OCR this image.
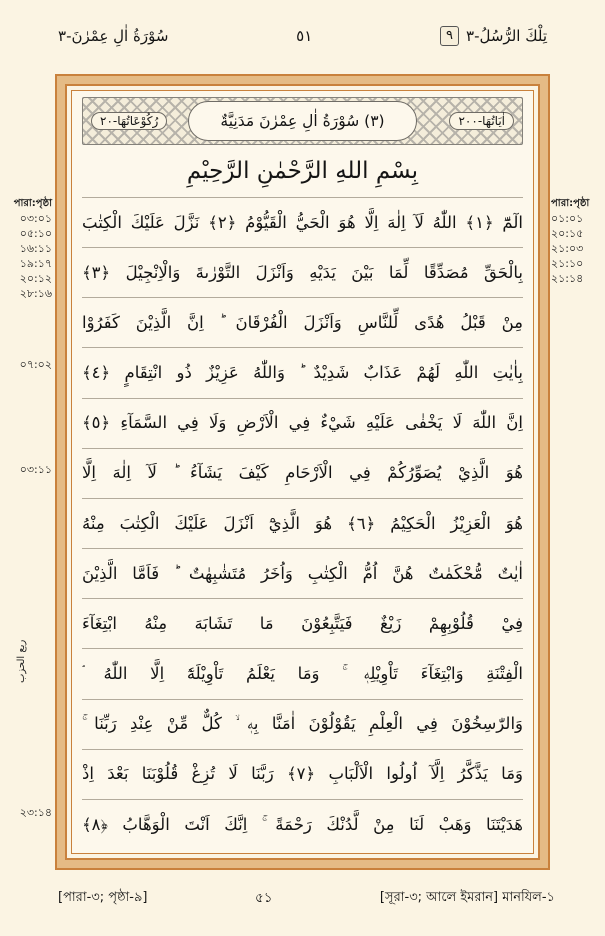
سُوْرَةُ اٰلِ عِمْرٰنَ-٣	٥١	تِلْكَ الرُّسُلُ-٣
٩
اٰيَاتُهَا-٢٠٠
(٣) سُوْرَةُ اٰلِ عِمْرٰنَ مَدَنِيَّةٌ
رُكُوْعَاتُهَا-٢٠
بِسْمِ اللهِ الرَّحْمٰنِ الرَّحِيْمِ
الٓمّٓ ﴿١﴾ اللّٰهُ لَآ اِلٰهَ اِلَّا هُوَ الْحَيُّ الْقَيُّوْمُ ﴿٢﴾ نَزَّلَ عَلَيْكَ الْكِتٰبَ
بِالْحَقِّ مُصَدِّقًا لِّمَا بَيْنَ يَدَيْهِ وَاَنْزَلَ التَّوْرٰىةَ وَالْاِنْجِيْلَ ﴿٣﴾
مِنْ قَبْلُ هُدًى لِّلنَّاسِ وَاَنْزَلَ الْفُرْقَانَ ؕ اِنَّ الَّذِيْنَ كَفَرُوْا
بِاٰيٰتِ اللّٰهِ لَهُمْ عَذَابٌ شَدِيْدٌ ؕ وَاللّٰهُ عَزِيْزٌ ذُو انْتِقَامٍ ﴿٤﴾
اِنَّ اللّٰهَ لَا يَخْفٰى عَلَيْهِ شَيْءٌ فِي الْاَرْضِ وَلَا فِي السَّمَآءِ ﴿٥﴾
هُوَ الَّذِيْ يُصَوِّرُكُمْ فِي الْاَرْحَامِ كَيْفَ يَشَآءُ ؕ لَآ اِلٰهَ اِلَّا
هُوَ الْعَزِيْزُ الْحَكِيْمُ ﴿٦﴾ هُوَ الَّذِيْٓ اَنْزَلَ عَلَيْكَ الْكِتٰبَ مِنْهُ
اٰيٰتٌ مُّحْكَمٰتٌ هُنَّ اُمُّ الْكِتٰبِ وَاُخَرُ مُتَشٰبِهٰتٌ ؕ فَاَمَّا الَّذِيْنَ
فِيْ قُلُوْبِهِمْ زَيْغٌ فَيَتَّبِعُوْنَ مَا تَشَابَهَ مِنْهُ ابْتِغَآءَ
الْفِتْنَةِ وَابْتِغَآءَ تَاْوِيْلِهٖ ۚ وَمَا يَعْلَمُ تَاْوِيْلَهٗٓ اِلَّا اللّٰهُ ۘ
وَالرّٰسِخُوْنَ فِي الْعِلْمِ يَقُوْلُوْنَ اٰمَنَّا بِهٖ ۙ كُلٌّ مِّنْ عِنْدِ رَبِّنَا ۚ
وَمَا يَذَّكَّرُ اِلَّآ اُولُوا الْاَلْبَابِ ﴿٧﴾ رَبَّنَا لَا تُزِغْ قُلُوْبَنَا بَعْدَ اِذْ
هَدَيْتَنَا وَهَبْ لَنَا مِنْ لَّدُنْكَ رَحْمَةً ۚ اِنَّكَ اَنْتَ الْوَهَّابُ ﴿٨﴾
পারা:পৃষ্ঠা
০১:০১
২০:১৫
২১:০৩
২১:১০
২১:১৪
পারা:পৃষ্ঠা
০৩:০১
০৫:১০
১৬:১১
১৯:১৭
২০:১২
২৮:১৬
০৭:০২
০৩:১১
ربع الحزب
২৩:১৪
[পারা-৩; পৃষ্ঠা-৯]	৫১	[সূরা-৩; আলে ইমরান] মানযিল-১
